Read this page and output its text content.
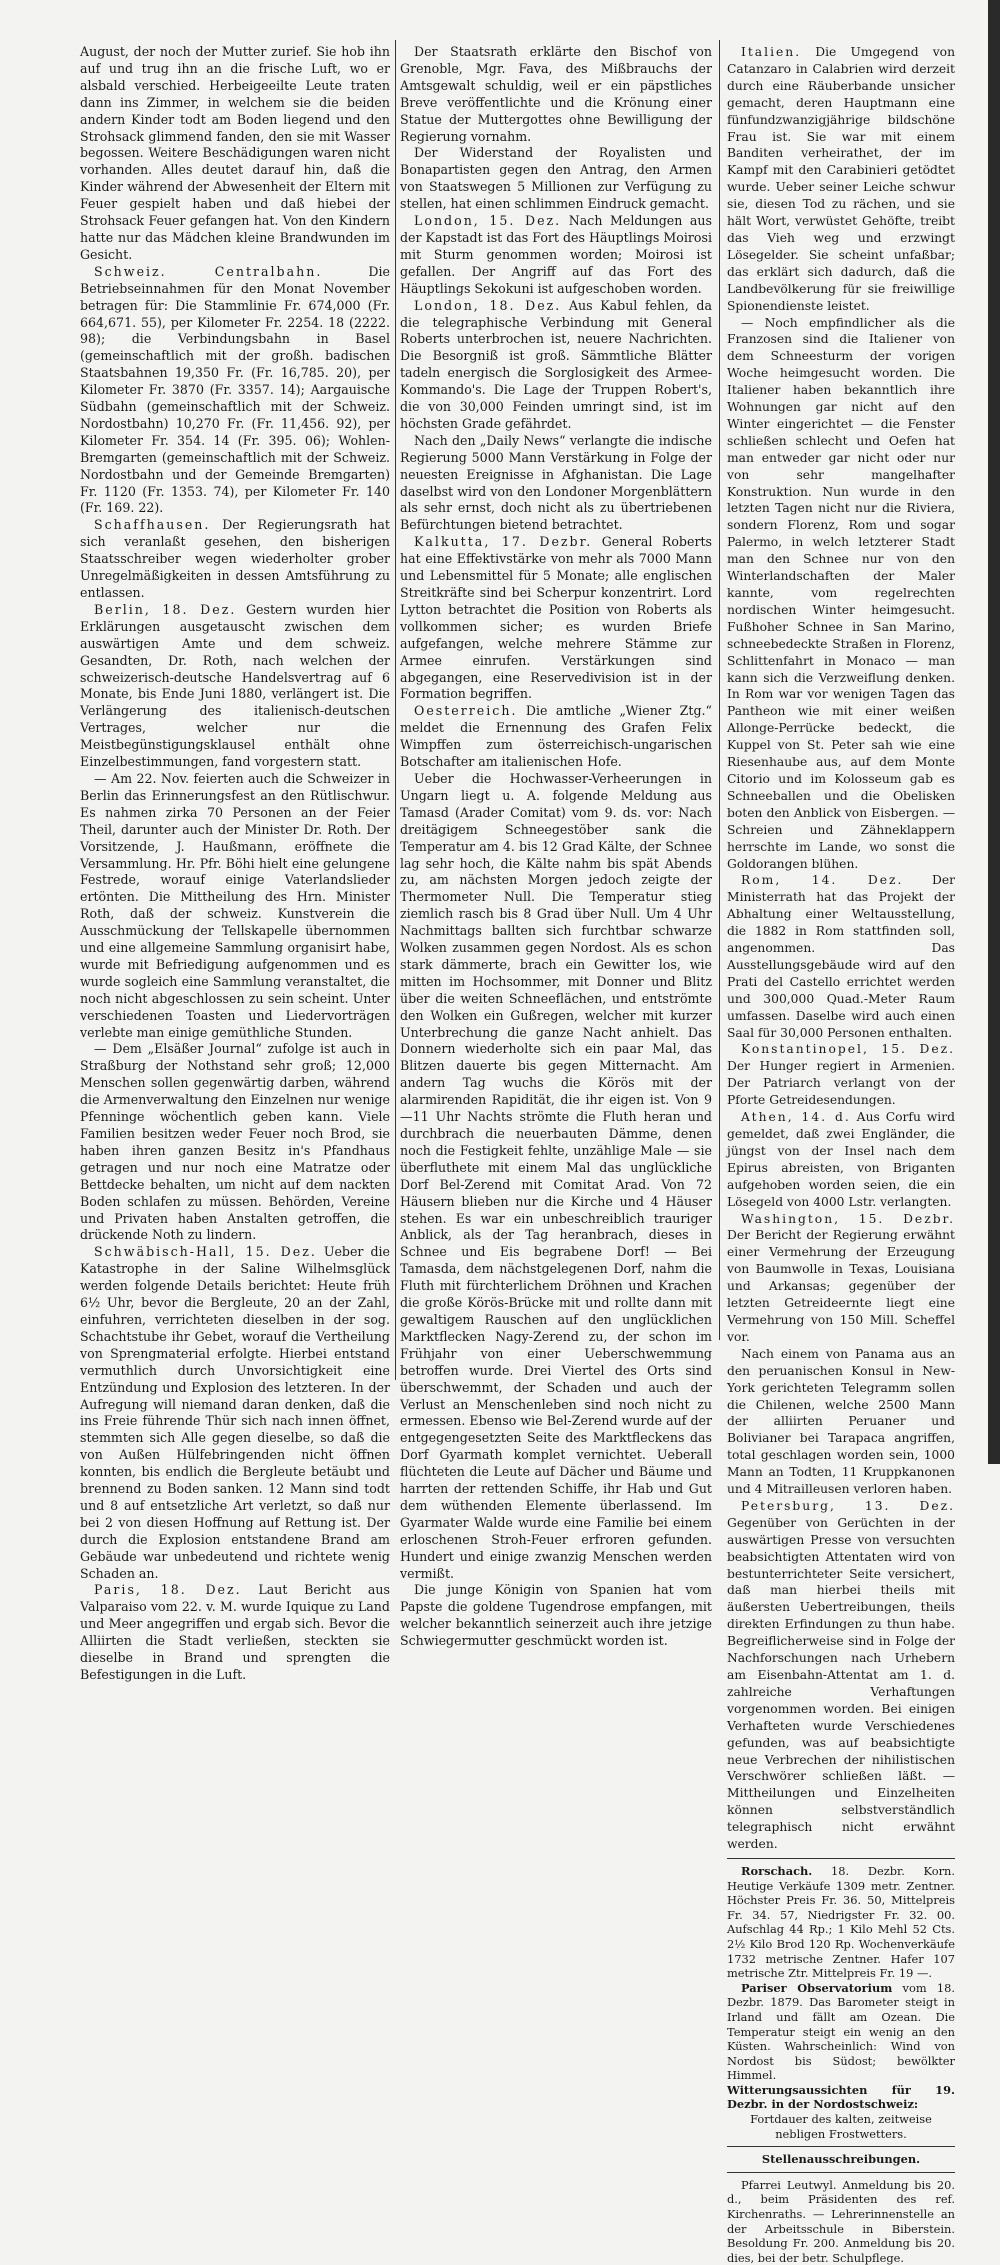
August, der noch der Mutter zurief. Sie hob ihn auf und trug ihn an die frische Luft, wo er alsbald verschied. Herbeigeeilte Leute traten dann ins Zimmer, in welchem sie die beiden andern Kinder todt am Boden liegend und den Strohsack glimmend fanden, den sie mit Wasser begossen. Weitere Beschädigungen waren nicht vorhanden. Alles deutet darauf hin, daß die Kinder während der Abwesenheit der Eltern mit Feuer gespielt haben und daß hiebei der Strohsack Feuer gefangen hat. Von den Kindern hatte nur das Mädchen kleine Brandwunden im Gesicht.

Schweiz. Centralbahn. Die Betriebseinnahmen für den Monat November betragen für: Die Stammlinie Fr. 674,000 (Fr. 664,671. 55), per Kilometer Fr. 2254. 18 (2222. 98); die Verbindungsbahn in Basel (gemeinschaftlich mit der großh. badischen Staatsbahnen 19,350 Fr. (Fr. 16,785. 20), per Kilometer Fr. 3870 (Fr. 3357. 14); Aargauische Südbahn (gemeinschaftlich mit der Schweiz. Nordostbahn) 10,270 Fr. (Fr. 11,456. 92), per Kilometer Fr. 354. 14 (Fr. 395. 06); Wohlen-Bremgarten (gemeinschaftlich mit der Schweiz. Nordostbahn und der Gemeinde Bremgarten) Fr. 1120 (Fr. 1353. 74), per Kilometer Fr. 140 (Fr. 169. 22).

Schaffhausen. Der Regierungsrath hat sich veranlaßt gesehen, den bisherigen Staatsschreiber wegen wiederholter grober Unregelmäßigkeiten in dessen Amtsführung zu entlassen.

Berlin, 18. Dez. Gestern wurden hier Erklärungen ausgetauscht zwischen dem auswärtigen Amte und dem schweiz. Gesandten, Dr. Roth, nach welchen der schweizerisch-deutsche Handelsvertrag auf 6 Monate, bis Ende Juni 1880, verlängert ist. Die Verlängerung des italienisch-deutschen Vertrages, welcher nur die Meistbegünstigungsklausel enthält ohne Einzelbestimmungen, fand vorgestern statt.

— Am 22. Nov. feierten auch die Schweizer in Berlin das Erinnerungsfest an den Rütlischwur. Es nahmen zirka 70 Personen an der Feier Theil, darunter auch der Minister Dr. Roth. Der Vorsitzende, J. Haußmann, eröffnete die Versammlung. Hr. Pfr. Böhi hielt eine gelungene Festrede, worauf einige Vaterlandslieder ertönten. Die Mittheilung des Hrn. Minister Roth, daß der schweiz. Kunstverein die Ausschmückung der Tellskapelle übernommen und eine allgemeine Sammlung organisirt habe, wurde mit Befriedigung aufgenommen und es wurde sogleich eine Sammlung veranstaltet, die noch nicht abgeschlossen zu sein scheint. Unter verschiedenen Toasten und Liedervorträgen verlebte man einige gemüthliche Stunden.

— Dem „Elsäßer Journal“ zufolge ist auch in Straßburg der Nothstand sehr groß; 12,000 Menschen sollen gegenwärtig darben, während die Armenverwaltung den Einzelnen nur wenige Pfenninge wöchentlich geben kann. Viele Familien besitzen weder Feuer noch Brod, sie haben ihren ganzen Besitz in's Pfandhaus getragen und nur noch eine Matratze oder Bettdecke behalten, um nicht auf dem nackten Boden schlafen zu müssen. Behörden, Vereine und Privaten haben Anstalten getroffen, die drückende Noth zu lindern.

Schwäbisch-Hall, 15. Dez. Ueber die Katastrophe in der Saline Wilhelmsglück werden folgende Details berichtet: Heute früh 6½ Uhr, bevor die Bergleute, 20 an der Zahl, einfuhren, verrichteten dieselben in der sog. Schachtstube ihr Gebet, worauf die Vertheilung von Sprengmaterial erfolgte. Hierbei entstand vermuthlich durch Unvorsichtigkeit eine Entzündung und Explosion des letzteren. In der Aufregung will niemand daran denken, daß die ins Freie führende Thür sich nach innen öffnet, stemmten sich Alle gegen dieselbe, so daß die von Außen Hülfebringenden nicht öffnen konnten, bis endlich die Bergleute betäubt und brennend zu Boden sanken. 12 Mann sind todt und 8 auf entsetzliche Art verletzt, so daß nur bei 2 von diesen Hoffnung auf Rettung ist. Der durch die Explosion entstandene Brand am Gebäude war unbedeutend und richtete wenig Schaden an.

Paris, 18. Dez. Laut Bericht aus Valparaiso vom 22. v. M. wurde Iquique zu Land und Meer angegriffen und ergab sich. Bevor die Alliirten die Stadt verließen, steckten sie dieselbe in Brand und sprengten die Befestigungen in die Luft.

Der Staatsrath erklärte den Bischof von Grenoble, Mgr. Fava, des Mißbrauchs der Amtsgewalt schuldig, weil er ein päpstliches Breve veröffentlichte und die Krönung einer Statue der Muttergottes ohne Bewilligung der Regierung vornahm.

Der Widerstand der Royalisten und Bonapartisten gegen den Antrag, den Armen von Staatswegen 5 Millionen zur Verfügung zu stellen, hat einen schlimmen Eindruck gemacht.

London, 15. Dez. Nach Meldungen aus der Kapstadt ist das Fort des Häuptlings Moirosi mit Sturm genommen worden; Moirosi ist gefallen. Der Angriff auf das Fort des Häuptlings Sekokuni ist aufgeschoben worden.

London, 18. Dez. Aus Kabul fehlen, da die telegraphische Verbindung mit General Roberts unterbrochen ist, neuere Nachrichten. Die Besorgniß ist groß. Sämmtliche Blätter tadeln energisch die Sorglosigkeit des Armee-Kommando's. Die Lage der Truppen Robert's, die von 30,000 Feinden umringt sind, ist im höchsten Grade gefährdet.

Nach den „Daily News“ verlangte die indische Regierung 5000 Mann Verstärkung in Folge der neuesten Ereignisse in Afghanistan. Die Lage daselbst wird von den Londoner Morgenblättern als sehr ernst, doch nicht als zu übertriebenen Befürchtungen bietend betrachtet.

Kalkutta, 17. Dezbr. General Roberts hat eine Effektivstärke von mehr als 7000 Mann und Lebensmittel für 5 Monate; alle englischen Streitkräfte sind bei Scherpur konzentrirt. Lord Lytton betrachtet die Position von Roberts als vollkommen sicher; es wurden Briefe aufgefangen, welche mehrere Stämme zur Armee einrufen. Verstärkungen sind abgegangen, eine Reservedivision ist in der Formation begriffen.

Oesterreich. Die amtliche „Wiener Ztg.“ meldet die Ernennung des Grafen Felix Wimpffen zum österreichisch-ungarischen Botschafter am italienischen Hofe.

Ueber die Hochwasser-Verheerungen in Ungarn liegt u. A. folgende Meldung aus Tamasd (Arader Comitat) vom 9. ds. vor: Nach dreitägigem Schneegestöber sank die Temperatur am 4. bis 12 Grad Kälte, der Schnee lag sehr hoch, die Kälte nahm bis spät Abends zu, am nächsten Morgen jedoch zeigte der Thermometer Null. Die Temperatur stieg ziemlich rasch bis 8 Grad über Null. Um 4 Uhr Nachmittags ballten sich furchtbar schwarze Wolken zusammen gegen Nordost. Als es schon stark dämmerte, brach ein Gewitter los, wie mitten im Hochsommer, mit Donner und Blitz über die weiten Schneeflächen, und entströmte den Wolken ein Gußregen, welcher mit kurzer Unterbrechung die ganze Nacht anhielt. Das Donnern wiederholte sich ein paar Mal, das Blitzen dauerte bis gegen Mitternacht. Am andern Tag wuchs die Körös mit der alarmirenden Rapidität, die ihr eigen ist. Von 9—11 Uhr Nachts strömte die Fluth heran und durchbrach die neuerbauten Dämme, denen noch die Festigkeit fehlte, unzählige Male — sie überfluthete mit einem Mal das unglückliche Dorf Bel-Zerend mit Comitat Arad. Von 72 Häusern blieben nur die Kirche und 4 Häuser stehen. Es war ein unbeschreiblich trauriger Anblick, als der Tag heranbrach, dieses in Schnee und Eis begrabene Dorf! — Bei Tamasda, dem nächstgelegenen Dorf, nahm die Fluth mit fürchterlichem Dröhnen und Krachen die große Körös-Brücke mit und rollte dann mit gewaltigem Rauschen auf den unglücklichen Marktflecken Nagy-Zerend zu, der schon im Frühjahr von einer Ueberschwemmung betroffen wurde. Drei Viertel des Orts sind überschwemmt, der Schaden und auch der Verlust an Menschenleben sind noch nicht zu ermessen. Ebenso wie Bel-Zerend wurde auf der entgegengesetzten Seite des Marktfleckens das Dorf Gyarmath komplet vernichtet. Ueberall flüchteten die Leute auf Dächer und Bäume und harrten der rettenden Schiffe, ihr Hab und Gut dem wüthenden Elemente überlassend. Im Gyarmater Walde wurde eine Familie bei einem erloschenen Stroh-Feuer erfroren gefunden. Hundert und einige zwanzig Menschen werden vermißt.

Die junge Königin von Spanien hat vom Papste die goldene Tugendrose empfangen, mit welcher bekanntlich seinerzeit auch ihre jetzige Schwiegermutter geschmückt worden ist.

Italien. Die Umgegend von Catanzaro in Calabrien wird derzeit durch eine Räuberbande unsicher gemacht, deren Hauptmann eine fünfundzwanzigjährige bildschöne Frau ist. Sie war mit einem Banditen verheirathet, der im Kampf mit den Carabinieri getödtet wurde. Ueber seiner Leiche schwur sie, diesen Tod zu rächen, und sie hält Wort, verwüstet Gehöfte, treibt das Vieh weg und erzwingt Lösegelder. Sie scheint unfaßbar; das erklärt sich dadurch, daß die Landbevölkerung für sie freiwillige Spionendienste leistet.

— Noch empfindlicher als die Franzosen sind die Italiener von dem Schneesturm der vorigen Woche heimgesucht worden. Die Italiener haben bekanntlich ihre Wohnungen gar nicht auf den Winter eingerichtet — die Fenster schließen schlecht und Oefen hat man entweder gar nicht oder nur von sehr mangelhafter Konstruktion. Nun wurde in den letzten Tagen nicht nur die Riviera, sondern Florenz, Rom und sogar Palermo, in welch letzterer Stadt man den Schnee nur von den Winterlandschaften der Maler kannte, vom regelrechten nordischen Winter heimgesucht. Fußhoher Schnee in San Marino, schneebedeckte Straßen in Florenz, Schlittenfahrt in Monaco — man kann sich die Verzweiflung denken. In Rom war vor wenigen Tagen das Pantheon wie mit einer weißen Allonge-Perrücke bedeckt, die Kuppel von St. Peter sah wie eine Riesenhaube aus, auf dem Monte Citorio und im Kolosseum gab es Schneeballen und die Obelisken boten den Anblick von Eisbergen. — Schreien und Zähneklappern herrschte im Lande, wo sonst die Goldorangen blühen.

Rom, 14. Dez. Der Ministerrath hat das Projekt der Abhaltung einer Weltausstellung, die 1882 in Rom stattfinden soll, angenommen. Das Ausstellungsgebäude wird auf den Prati del Castello errichtet werden und 300,000 Quad.-Meter Raum umfassen. Daselbe wird auch einen Saal für 30,000 Personen enthalten.

Konstantinopel, 15. Dez. Der Hunger regiert in Armenien. Der Patriarch verlangt von der Pforte Getreidesendungen.

Athen, 14. d. Aus Corfu wird gemeldet, daß zwei Engländer, die jüngst von der Insel nach dem Epirus abreisten, von Briganten aufgehoben worden seien, die ein Lösegeld von 4000 Lstr. verlangten.

Washington, 15. Dezbr. Der Bericht der Regierung erwähnt einer Vermehrung der Erzeugung von Baumwolle in Texas, Louisiana und Arkansas; gegenüber der letzten Getreideernte liegt eine Vermehrung von 150 Mill. Scheffel vor.

Nach einem von Panama aus an den peruanischen Konsul in New-York gerichteten Telegramm sollen die Chilenen, welche 2500 Mann der alliirten Peruaner und Bolivianer bei Tarapaca angriffen, total geschlagen worden sein, 1000 Mann an Todten, 11 Kruppkanonen und 4 Mitrailleusen verloren haben.

Petersburg, 13. Dez. Gegenüber von Gerüchten in der auswärtigen Presse von versuchten beabsichtigten Attentaten wird von bestunterrichteter Seite versichert, daß man hierbei theils mit äußersten Uebertreibungen, theils direkten Erfindungen zu thun habe. Begreiflicherweise sind in Folge der Nachforschungen nach Urhebern am Eisenbahn-Attentat am 1. d. zahlreiche Verhaftungen vorgenommen worden. Bei einigen Verhafteten wurde Verschiedenes gefunden, was auf beabsichtigte neue Verbrechen der nihilistischen Verschwörer schließen läßt. — Mittheilungen und Einzelheiten können selbstverständlich telegraphisch nicht erwähnt werden.

Rorschach. 18. Dezbr. Korn. Heutige Verkäufe 1309 metr. Zentner. Höchster Preis Fr. 36. 50, Mittelpreis Fr. 34. 57, Niedrigster Fr. 32. 00. Aufschlag 44 Rp.; 1 Kilo Mehl 52 Cts. 2½ Kilo Brod 120 Rp. Wochenverkäufe 1732 metrische Zentner. Hafer 107 metrische Ztr. Mittelpreis Fr. 19 —.

Pariser Observatorium vom 18. Dezbr. 1879. Das Barometer steigt in Irland und fällt am Ozean. Die Temperatur steigt ein wenig an den Küsten. Wahrscheinlich: Wind von Nordost bis Südost; bewölkter Himmel.

Witterungsaussichten für 19. Dezbr. in der Nordostschweiz:

Fortdauer des kalten, zeitweise nebligen Frostwetters.

Stellenausschreibungen.

Pfarrei Leutwyl. Anmeldung bis 20. d., beim Präsidenten des ref. Kirchenraths. — Lehrerinnenstelle an der Arbeitsschule in Biberstein. Besoldung Fr. 200. Anmeldung bis 20. dies, bei der betr. Schulpflege.
